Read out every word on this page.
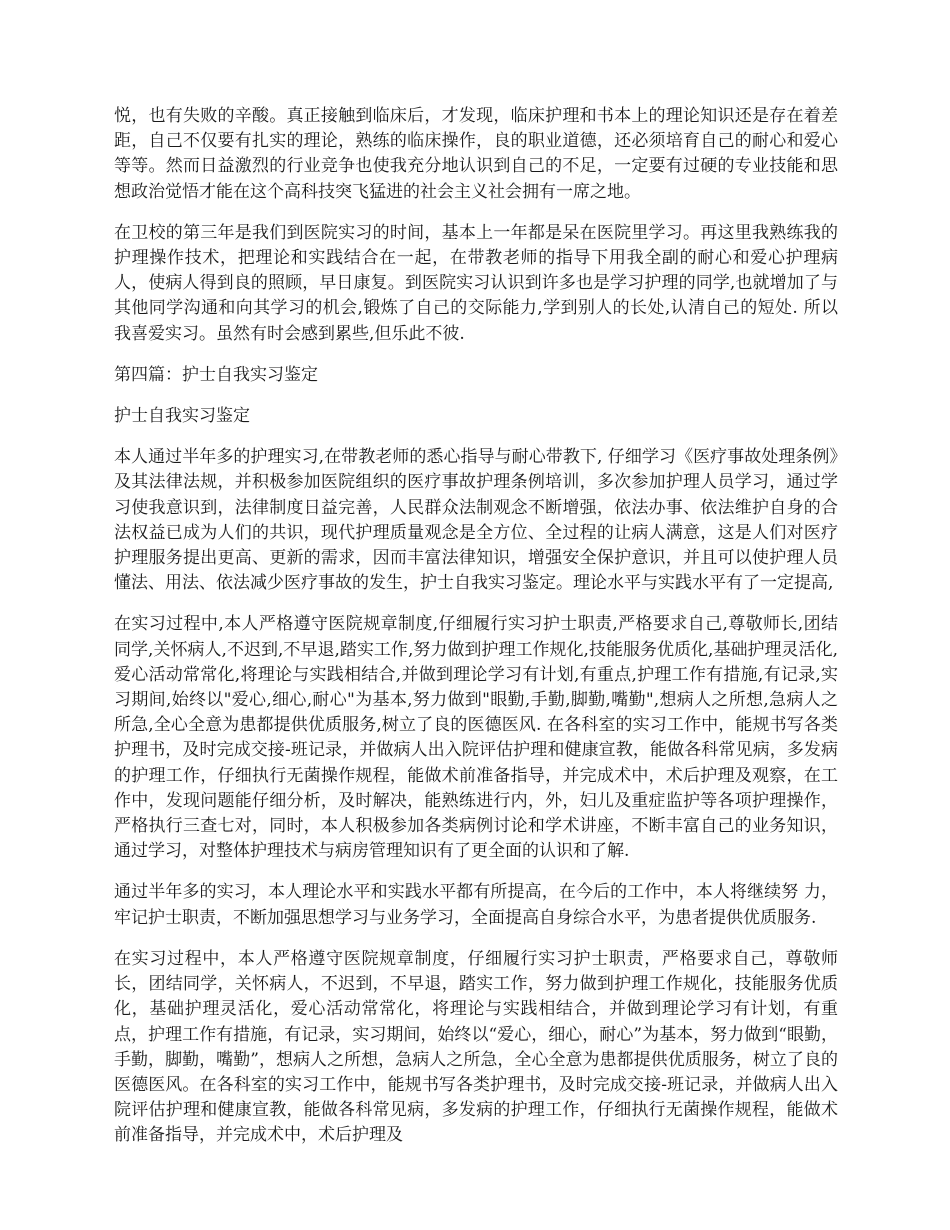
悦，也有失败的辛酸。真正接触到临床后，才发现，临床护理和书本上的理论知识还是存在着差距，自己不仅要有扎实的理论，熟练的临床操作，良的职业道德，还必须培育自己的耐心和爱心等等。然而日益激烈的行业竞争也使我充分地认识到自己的不足，一定要有过硬的专业技能和思想政治觉悟才能在这个高科技突飞猛进的社会主义社会拥有一席之地。

在卫校的第三年是我们到医院实习的时间，基本上一年都是呆在医院里学习。再这里我熟练我的护理操作技术，把理论和实践结合在一起，在带教老师的指导下用我全副的耐心和爱心护理病人，使病人得到良的照顾，早日康复。到医院实习认识到许多也是学习护理的同学,也就增加了与其他同学沟通和向其学习的机会,锻炼了自己的交际能力,学到别人的长处,认清自己的短处. 所以我喜爱实习。虽然有时会感到累些,但乐此不彼.

第四篇：护士自我实习鉴定

护士自我实习鉴定

本人通过半年多的护理实习,在带教老师的悉心指导与耐心带教下, 仔细学习《医疗事故处理条例》及其法律法规，并积极参加医院组织的医疗事故护理条例培训，多次参加护理人员学习，通过学习使我意识到，法律制度日益完善，人民群众法制观念不断增强，依法办事、依法维护自身的合法权益已成为人们的共识，现代护理质量观念是全方位、全过程的让病人满意，这是人们对医疗护理服务提出更高、更新的需求，因而丰富法律知识，增强安全保护意识，并且可以使护理人员懂法、用法、依法减少医疗事故的发生，护士自我实习鉴定。理论水平与实践水平有了一定提高,

在实习过程中,本人严格遵守医院规章制度,仔细履行实习护士职责,严格要求自己,尊敬师长,团结同学,关怀病人,不迟到,不早退,踏实工作,努力做到护理工作规化,技能服务优质化,基础护理灵活化,爱心活动常常化,将理论与实践相结合,并做到理论学习有计划,有重点,护理工作有措施,有记录,实习期间,始终以"爱心,细心,耐心"为基本,努力做到"眼勤,手勤,脚勤,嘴勤",想病人之所想,急病人之所急,全心全意为患都提供优质服务,树立了良的医德医风. 在各科室的实习工作中，能规书写各类护理书，及时完成交接-班记录，并做病人出入院评估护理和健康宣教，能做各科常见病，多发病的护理工作，仔细执行无菌操作规程，能做术前准备指导，并完成术中，术后护理及观察，在工作中，发现问题能仔细分析，及时解决，能熟练进行内，外，妇儿及重症监护等各项护理操作，严格执行三查七对，同时，本人积极参加各类病例讨论和学术讲座，不断丰富自己的业务知识，通过学习，对整体护理技术与病房管理知识有了更全面的认识和了解.

通过半年多的实习，本人理论水平和实践水平都有所提高，在今后的工作中，本人将继续努 力，牢记护士职责，不断加强思想学习与业务学习，全面提高自身综合水平，为患者提供优质服务.

在实习过程中，本人严格遵守医院规章制度，仔细履行实习护士职责，严格要求自己，尊敬师长，团结同学，关怀病人，不迟到，不早退，踏实工作，努力做到护理工作规化，技能服务优质化，基础护理灵活化，爱心活动常常化，将理论与实践相结合，并做到理论学习有计划，有重点，护理工作有措施，有记录，实习期间，始终以“爱心，细心，耐心”为基本，努力做到“眼勤，手勤，脚勤，嘴勤”，想病人之所想，急病人之所急，全心全意为患都提供优质服务，树立了良的医德医风。在各科室的实习工作中，能规书写各类护理书，及时完成交接-班记录，并做病人出入院评估护理和健康宣教，能做各科常见病，多发病的护理工作，仔细执行无菌操作规程，能做术前准备指导，并完成术中，术后护理及
